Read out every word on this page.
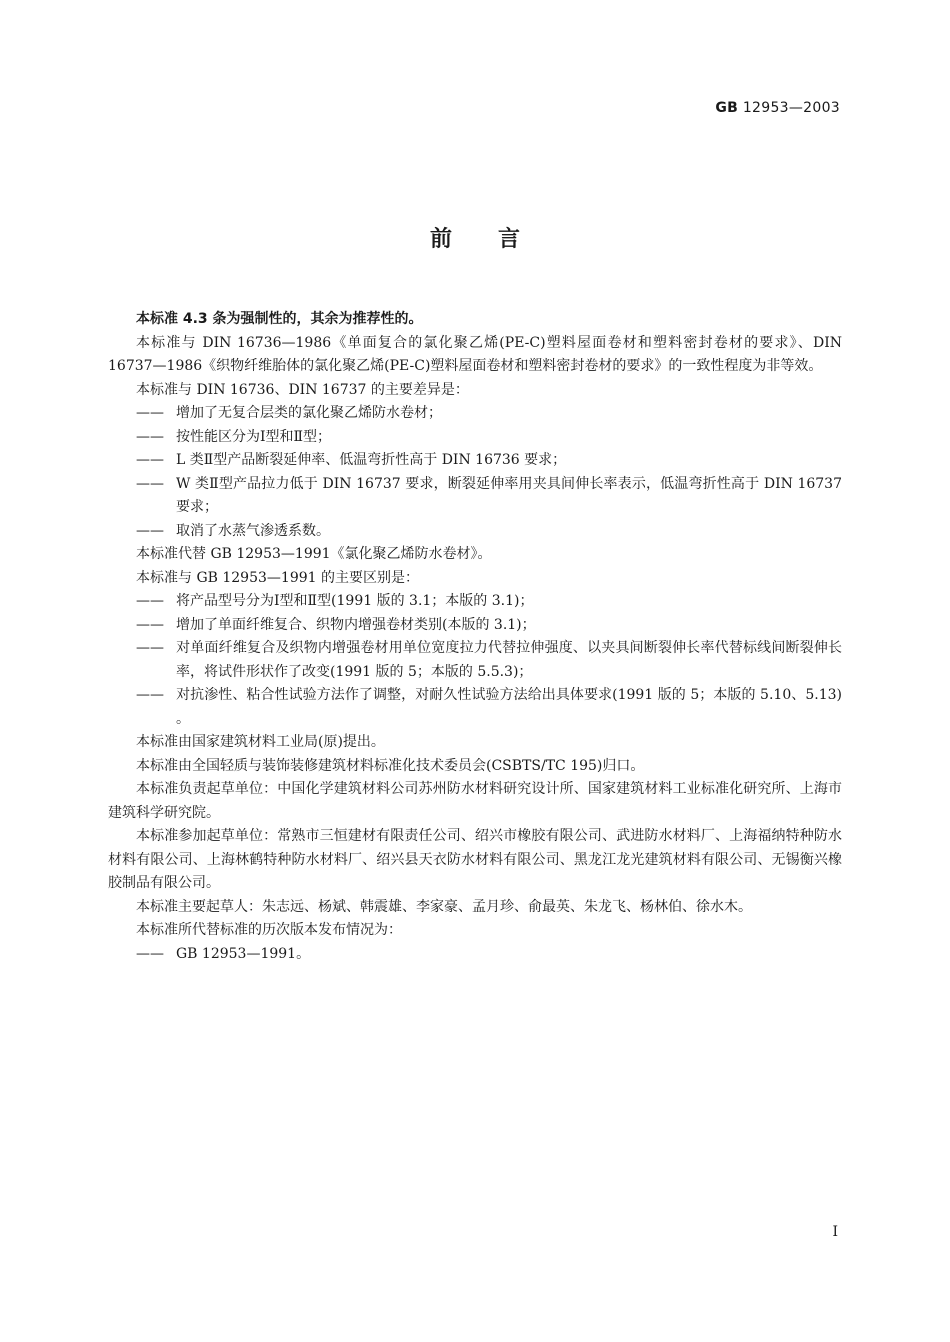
GB 12953—2003
前言

本标准 4.3 条为强制性的，其余为推荐性的。

本标准与 DIN 16736—1986《单面复合的氯化聚乙烯(PE-C)塑料屋面卷材和塑料密封卷材的要求》、DIN 16737—1986《织物纤维胎体的氯化聚乙烯(PE-C)塑料屋面卷材和塑料密封卷材的要求》的一致性程度为非等效。

本标准与 DIN 16736、DIN 16737 的主要差异是：

—— 增加了无复合层类的氯化聚乙烯防水卷材；

—— 按性能区分为Ⅰ型和Ⅱ型；

—— L 类Ⅱ型产品断裂延伸率、低温弯折性高于 DIN 16736 要求；

—— W 类Ⅱ型产品拉力低于 DIN 16737 要求，断裂延伸率用夹具间伸长率表示，低温弯折性高于 DIN 16737 要求；

—— 取消了水蒸气渗透系数。

本标准代替 GB 12953—1991《氯化聚乙烯防水卷材》。

本标准与 GB 12953—1991 的主要区别是：

—— 将产品型号分为Ⅰ型和Ⅱ型(1991 版的 3.1；本版的 3.1)；

—— 增加了单面纤维复合、织物内增强卷材类别(本版的 3.1)；

—— 对单面纤维复合及织物内增强卷材用单位宽度拉力代替拉伸强度、以夹具间断裂伸长率代替标线间断裂伸长率，将试件形状作了改变(1991 版的 5；本版的 5.5.3)；

—— 对抗渗性、粘合性试验方法作了调整，对耐久性试验方法给出具体要求(1991 版的 5；本版的 5.10、5.13) 。

本标准由国家建筑材料工业局(原)提出。

本标准由全国轻质与装饰装修建筑材料标准化技术委员会(CSBTS/TC 195)归口。

本标准负责起草单位：中国化学建筑材料公司苏州防水材料研究设计所、国家建筑材料工业标准化研究所、上海市建筑科学研究院。

本标准参加起草单位：常熟市三恒建材有限责任公司、绍兴市橡胶有限公司、武进防水材料厂、上海福纳特种防水材料有限公司、上海林鹤特种防水材料厂、绍兴县天衣防水材料有限公司、黑龙江龙光建筑材料有限公司、无锡衡兴橡胶制品有限公司。

本标准主要起草人：朱志远、杨斌、韩震雄、李家豪、孟月珍、俞最英、朱龙飞、杨林伯、徐水木。

本标准所代替标准的历次版本发布情况为：

—— GB 12953—1991。

Ⅰ
